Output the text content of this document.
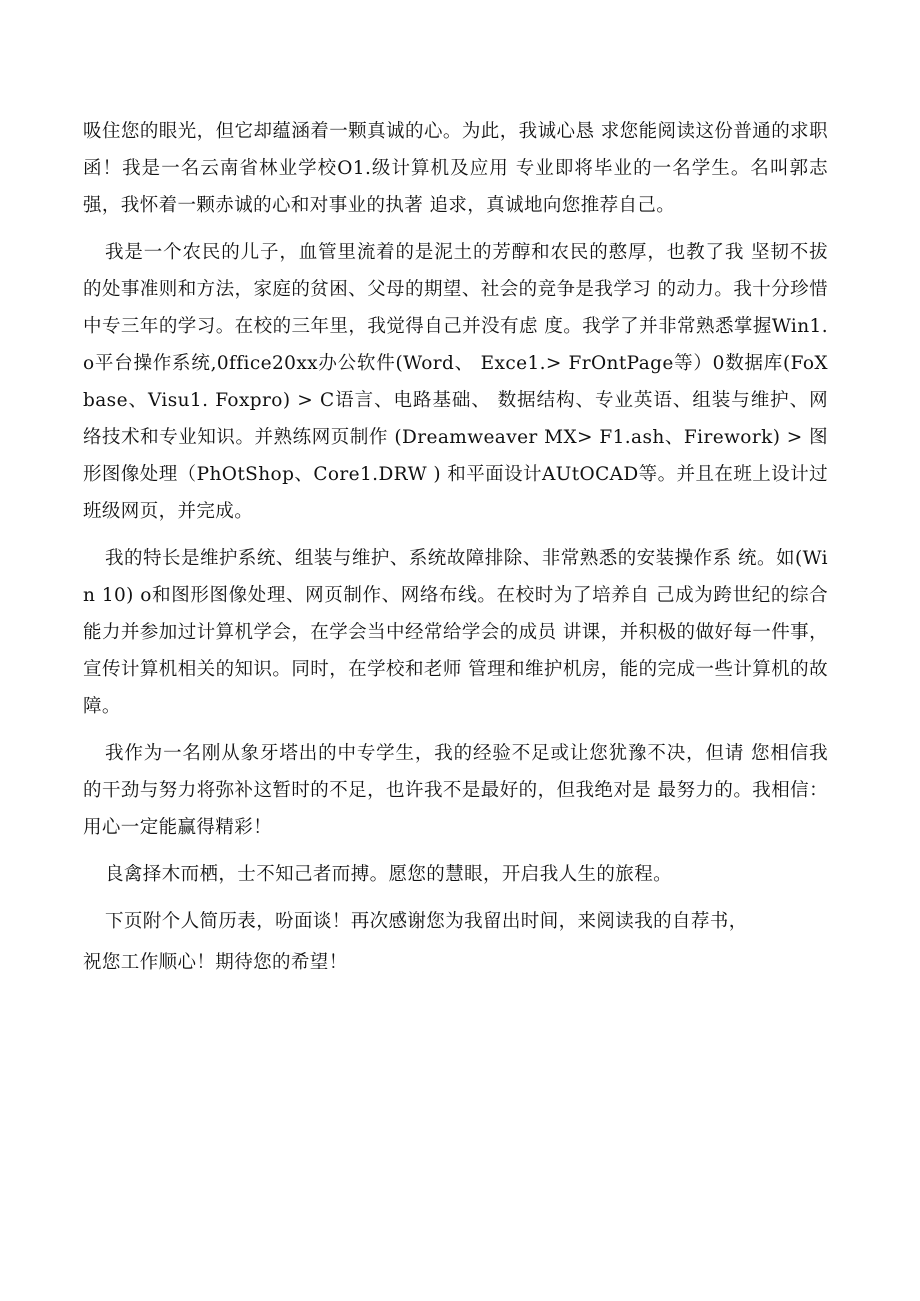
吸住您的眼光，但它却蕴涵着一颗真诚的心。为此，我诚心恳 求您能阅读这份普通的求职函！我是一名云南省林业学校O1.级计算机及应用 专业即将毕业的一名学生。名叫郭志强，我怀着一颗赤诚的心和对事业的执著 追求，真诚地向您推荐自己。

我是一个农民的儿子，血管里流着的是泥土的芳醇和农民的憨厚，也教了我 坚韧不拔的处事准则和方法，家庭的贫困、父母的期望、社会的竞争是我学习 的动力。我十分珍惜中专三年的学习。在校的三年里，我觉得自己并没有虑 度。我学了并非常熟悉掌握Win1.o平台操作系统,0ffice20xx办公软件(Word、 Exce1.> FrOntPage等）0数据库(FoXbase、Visu1. Foxpro) > C语言、电路基础、 数据结构、专业英语、组装与维护、网络技术和专业知识。并熟练网页制作 (Dreamweaver MX> F1.ash、Firework) > 图形图像处理（PhOtShop、Core1.DRW ) 和平面设计AUtOCAD等。并且在班上设计过班级网页，并完成。

我的特长是维护系统、组装与维护、系统故障排除、非常熟悉的安装操作系 统。如(Win 10) o和图形图像处理、网页制作、网络布线。在校时为了培养自 己成为跨世纪的综合能力并参加过计算机学会，在学会当中经常给学会的成员 讲课，并积极的做好每一件事，宣传计算机相关的知识。同时，在学校和老师 管理和维护机房，能的完成一些计算机的故障。

我作为一名刚从象牙塔出的中专学生，我的经验不足或让您犹豫不决，但请 您相信我的干劲与努力将弥补这暂时的不足，也许我不是最好的，但我绝对是 最努力的。我相信：用心一定能赢得精彩！

良禽择木而栖，士不知己者而搏。愿您的慧眼，开启我人生的旅程。

下页附个人简历表，吩面谈！再次感谢您为我留出时间，来阅读我的自荐书，

祝您工作顺心！期待您的希望！
